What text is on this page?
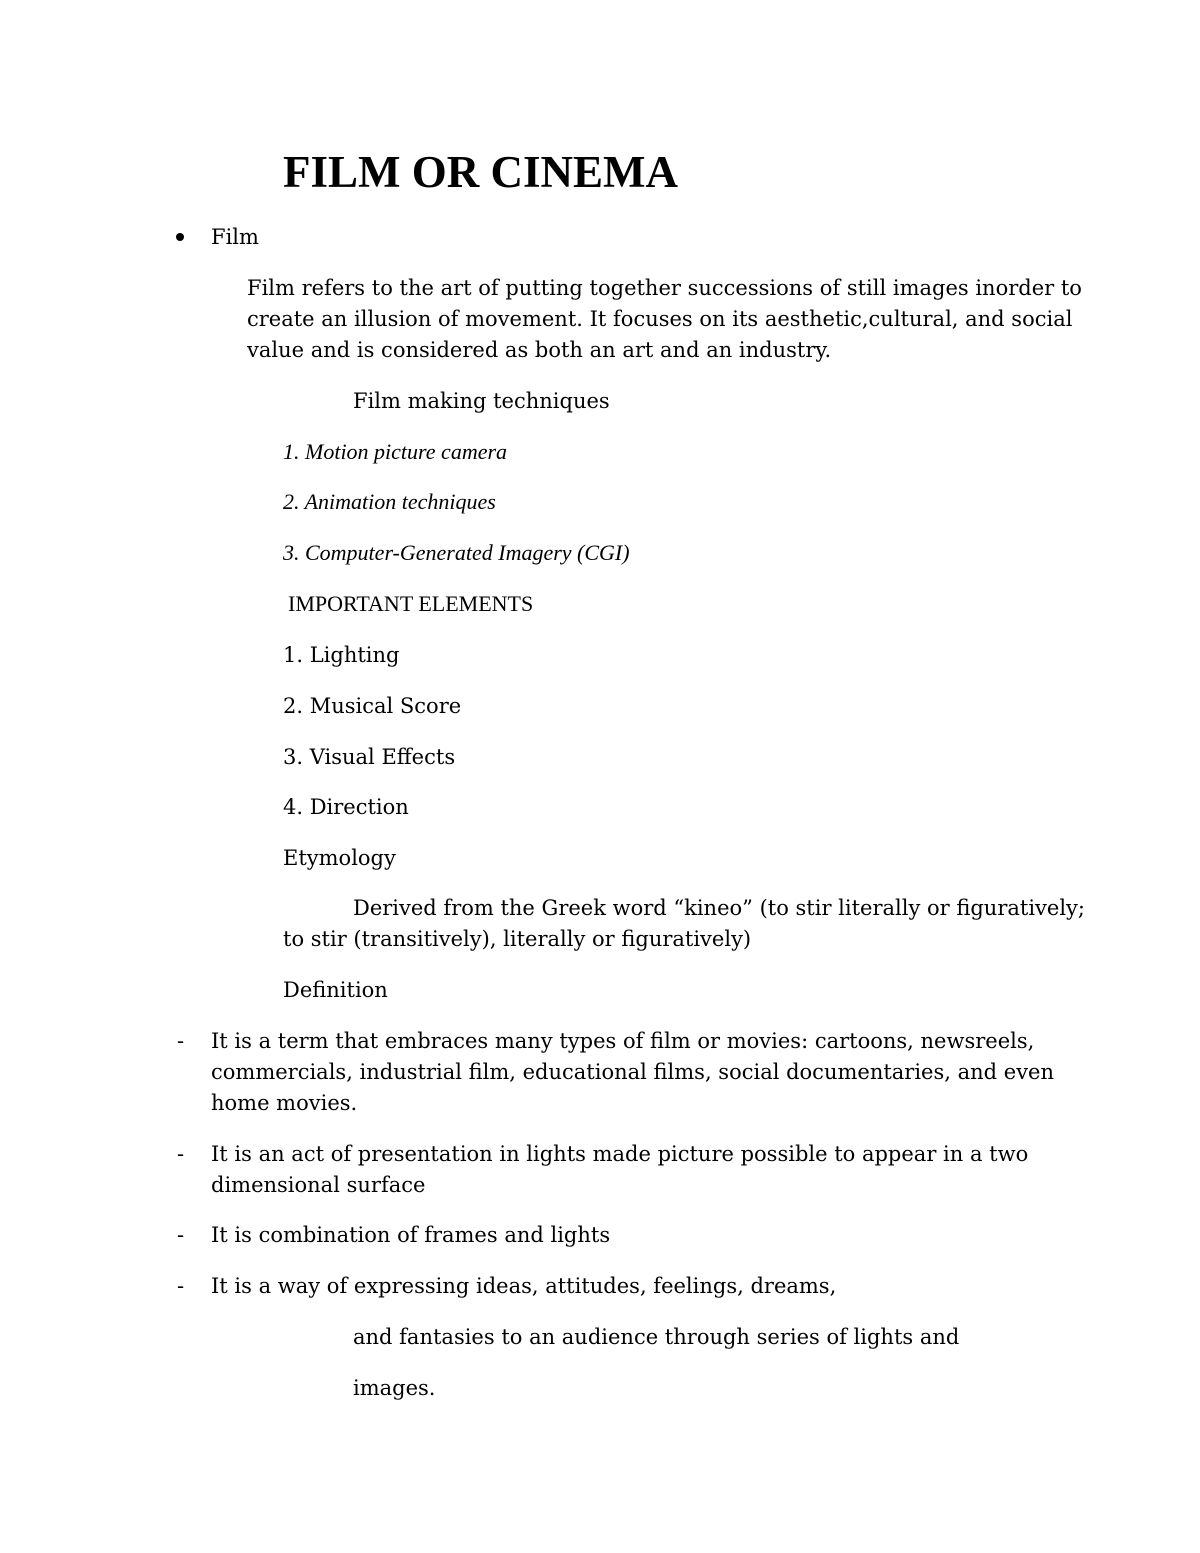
FILM OR CINEMA
Film
Film refers to the art of putting together successions of still images inorder to
create an illusion of movement. It focuses on its aesthetic,cultural, and social
value and is considered as both an art and an industry.
Film making techniques
1. Motion picture camera
2. Animation techniques
3. Computer-Generated Imagery (CGI)
IMPORTANT ELEMENTS
1. Lighting
2. Musical Score
3. Visual Effects
4. Direction
Etymology
Derived from the Greek word “kineo” (to stir literally or figuratively;
to stir (transitively), literally or figuratively)
Definition
- It is a term that embraces many types of film or movies: cartoons, newsreels,
commercials, industrial film, educational films, social documentaries, and even
home movies.
- It is an act of presentation in lights made picture possible to appear in a two
dimensional surface
- It is combination of frames and lights
- It is a way of expressing ideas, attitudes, feelings, dreams,
and fantasies to an audience through series of lights and
images.
